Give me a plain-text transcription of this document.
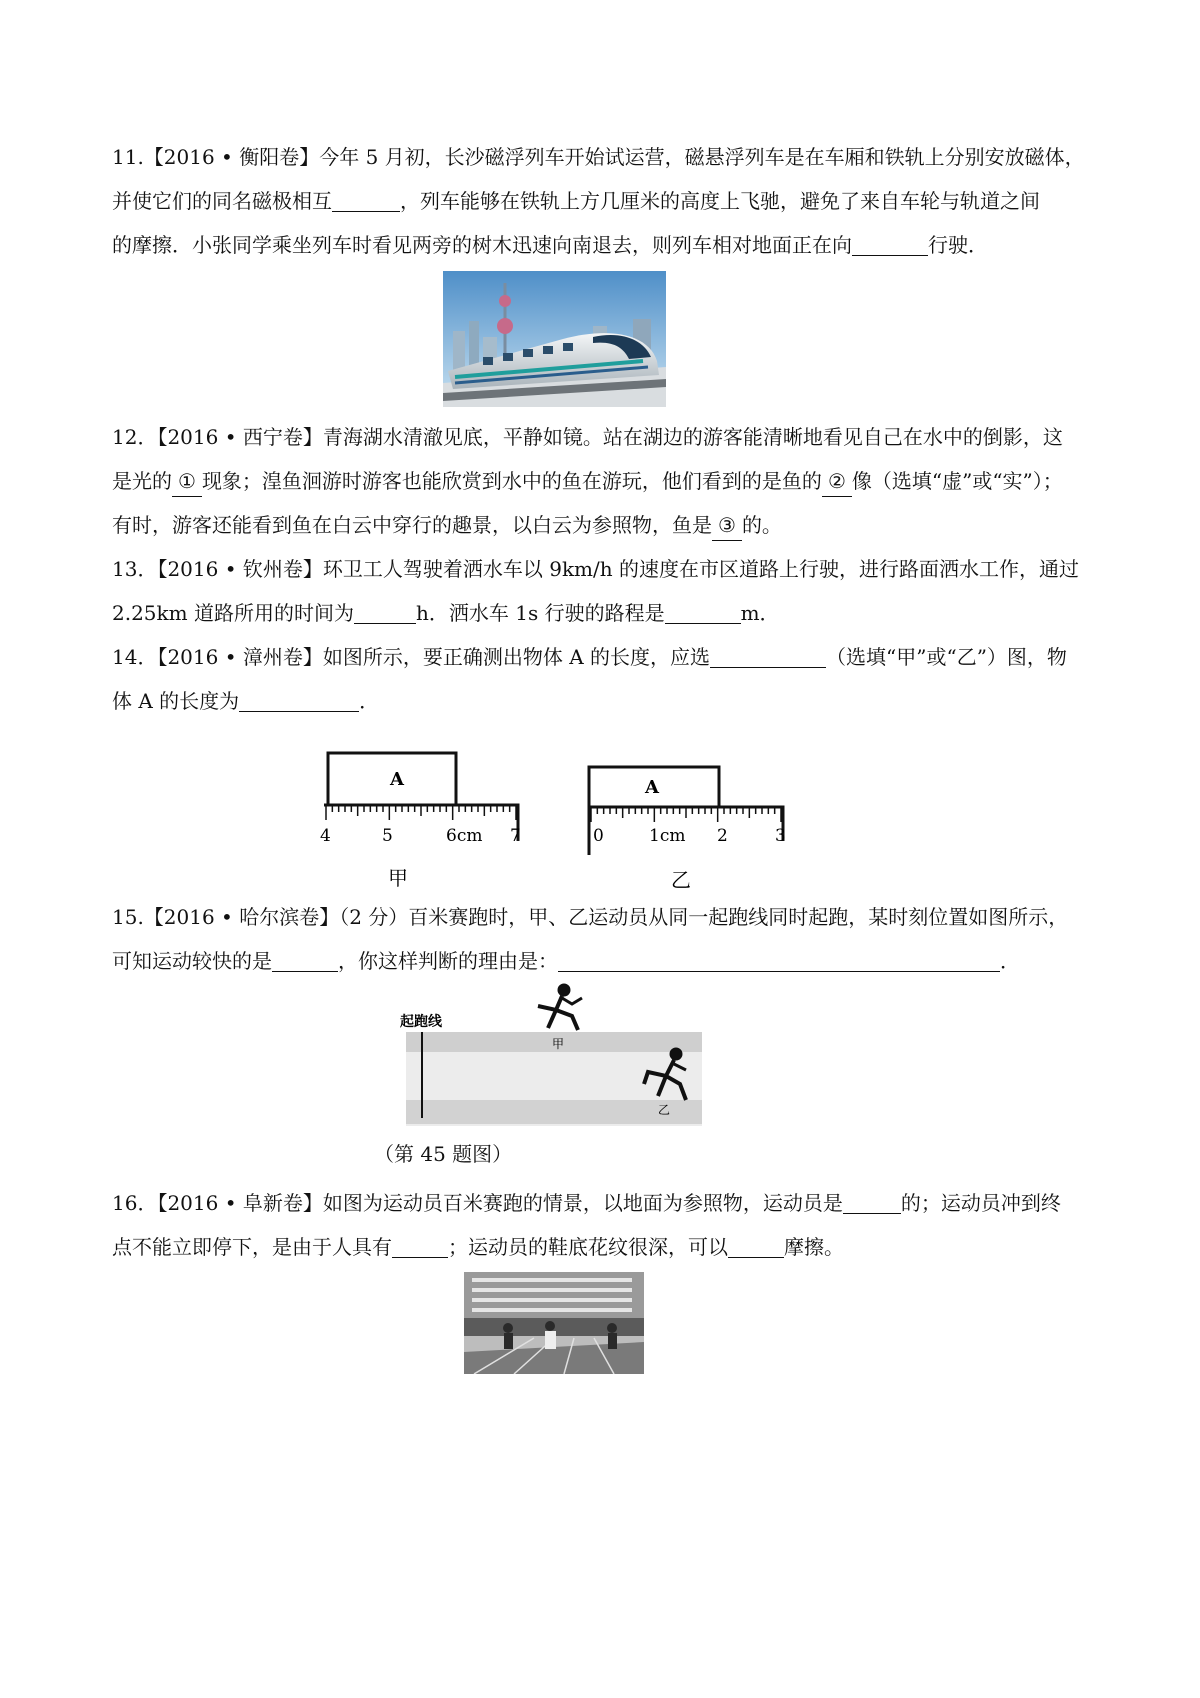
11.【2016 • 衡阳卷】今年 5 月初，长沙磁浮列车开始试运营，磁悬浮列车是在车厢和铁轨上分别安放磁体，
并使它们的同名磁极相互	，列车能够在铁轨上方几厘米的高度上飞驰，避免了来自车轮与轨道之间
的摩擦．小张同学乘坐列车时看见两旁的树木迅速向南退去，则列车相对地面正在向	行驶．
12．【2016 • 西宁卷】青海湖水清澈见底，平静如镜。站在湖边的游客能清晰地看见自己在水中的倒影，这
是光的 ① 现象；湟鱼洄游时游客也能欣赏到水中的鱼在游玩，他们看到的是鱼的 ② 像（选填“虚”或“实”）；
有时，游客还能看到鱼在白云中穿行的趣景，以白云为参照物，鱼是 ③ 的。
13．【2016 • 钦州卷】环卫工人驾驶着洒水车以 9km/h 的速度在市区道路上行驶，进行路面洒水工作，通过
2.25km 道路所用的时间为	h．洒水车 1s 行驶的路程是	m．
14．【2016 • 漳州卷】如图所示，要正确测出物体 A 的长度，应选	（选填“甲”或“乙”）图，物
体 A 的长度为	．
A
4	5	6cm 7
甲
A
0	1cm 2	3
乙
15.【2016 • 哈尔滨卷】（2 分）百米赛跑时，甲、乙运动员从同一起跑线同时起跑，某时刻位置如图所示，
可知运动较快的是	，你这样判断的理由是：	．
起跑线
甲
乙
（第 45 题图）
16．【2016 • 阜新卷】如图为运动员百米赛跑的情景，以地面为参照物，运动员是	的；运动员冲到终
点不能立即停下，是由于人具有	；运动员的鞋底花纹很深，可以	摩擦。
